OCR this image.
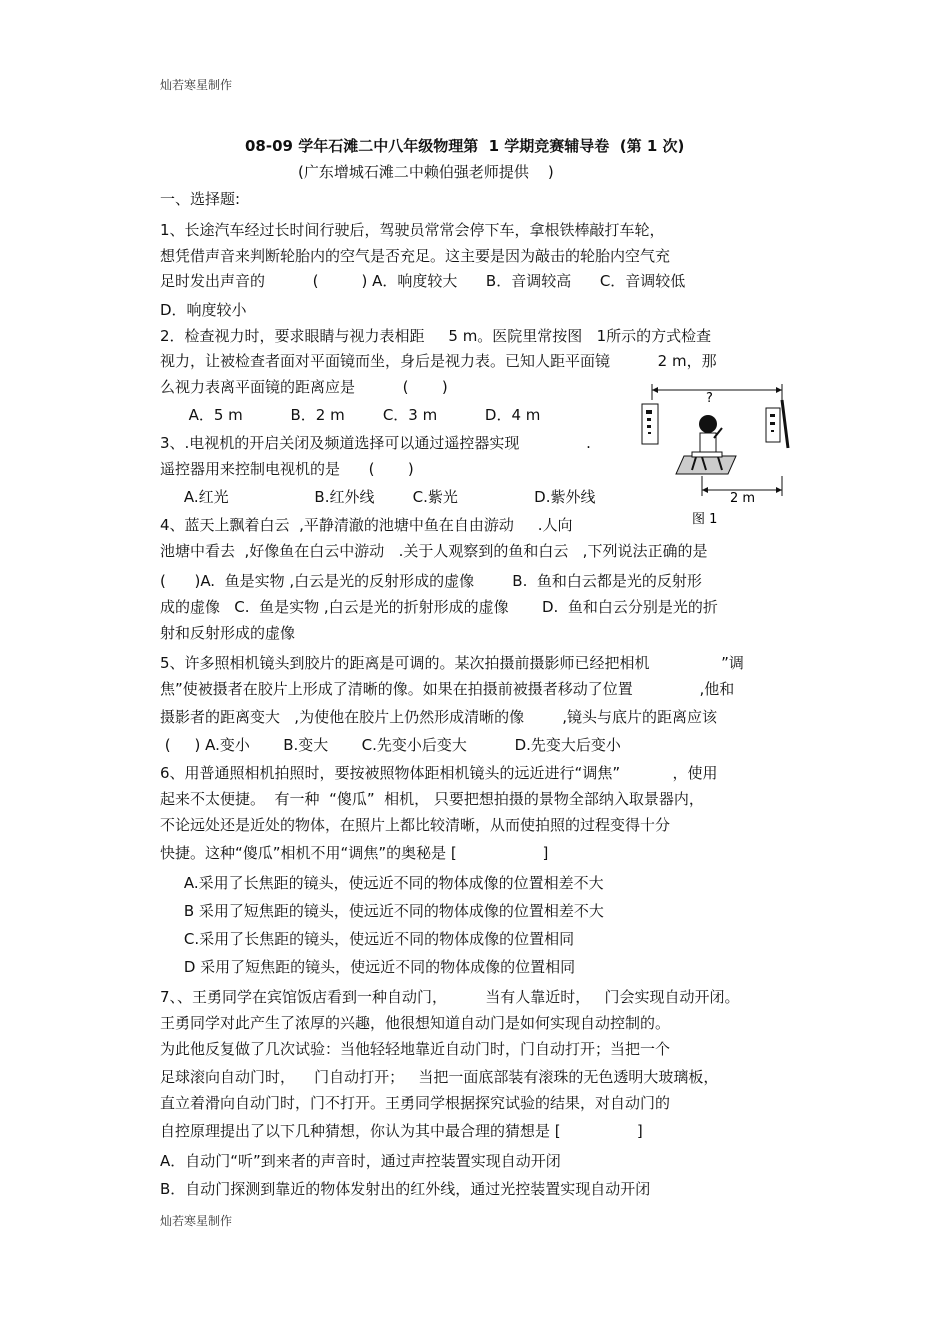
灿若寒星制作
08-09 学年石滩二中八年级物理第  1 学期竞赛辅导卷  (第 1 次)
(广东增城石滩二中赖伯强老师提供    )
一、选择题:
1、长途汽车经过长时间行驶后，驾驶员常常会停下车，拿根铁棒敲打车轮，
想凭借声音来判断轮胎内的空气是否充足。这主要是因为敲击的轮胎内空气充
足时发出声音的          (         ) A．响度较大      B．音调较高      C．音调较低
D．响度较小
2．检查视力时，要求眼睛与视力表相距     5 m。医院里常按图   1所示的方式检查
视力，让被检查者面对平面镜而坐，身后是视力表。已知人距平面镜          2 m，那
么视力表离平面镜的距离应是          (       )
A．5 m          B．2 m        C．3 m          D．4 m
3、.电视机的开启关闭及频道选择可以通过遥控器实现              .
遥控器用来控制电视机的是      (       )
A.红光                  B.红外线        C.紫光                D.紫外线
4、蓝天上飘着白云  ,平静清澈的池塘中鱼在自由游动     .人向
池塘中看去  ,好像鱼在白云中游动   .关于人观察到的鱼和白云   ,下列说法正确的是
(      )A.  鱼是实物 ,白云是光的反射形成的虚像        B.  鱼和白云都是光的反射形
成的虚像   C.  鱼是实物 ,白云是光的折射形成的虚像       D.  鱼和白云分别是光的折
射和反射形成的虚像
5、许多照相机镜头到胶片的距离是可调的。某次拍摄前摄影师已经把相机               ”调
焦”使被摄者在胶片上形成了清晰的像。如果在拍摄前被摄者移动了位置              ,他和
摄影者的距离变大   ,为使他在胶片上仍然形成清晰的像        ,镜头与底片的距离应该
(     ) A.变小       B.变大       C.先变小后变大          D.先变大后变小
6、用普通照相机拍照时，要按被照物体距相机镜头的远近进行“调焦”           ，使用
起来不太便捷。  有一种  “傻瓜”  相机， 只要把想拍摄的景物全部纳入取景器内，
不论远处还是近处的物体，在照片上都比较清晰，从而使拍照的过程变得十分
快捷。这种“傻瓜”相机不用“调焦”的奥秘是 [                  ]
A.采用了长焦距的镜头，使远近不同的物体成像的位置相差不大
B 采用了短焦距的镜头，使远近不同的物体成像的位置相差不大
C.采用了长焦距的镜头，使远近不同的物体成像的位置相同
D 采用了短焦距的镜头，使远近不同的物体成像的位置相同
7、、王勇同学在宾馆饭店看到一种自动门，        当有人靠近时，   门会实现自动开闭。
王勇同学对此产生了浓厚的兴趣，他很想知道自动门是如何实现自动控制的。
为此他反复做了几次试验：当他轻轻地靠近自动门时，门自动打开；当把一个
足球滚向自动门时，    门自动打开；   当把一面底部装有滚珠的无色透明大玻璃板，
直立着滑向自动门时，门不打开。王勇同学根据探究试验的结果，对自动门的
自控原理提出了以下几种猜想，你认为其中最合理的猜想是 [                ]
A．自动门“听”到来者的声音时，通过声控装置实现自动开闭
B．自动门探测到靠近的物体发射出的红外线，通过光控装置实现自动开闭
?
2 m
图 1
灿若寒星制作
